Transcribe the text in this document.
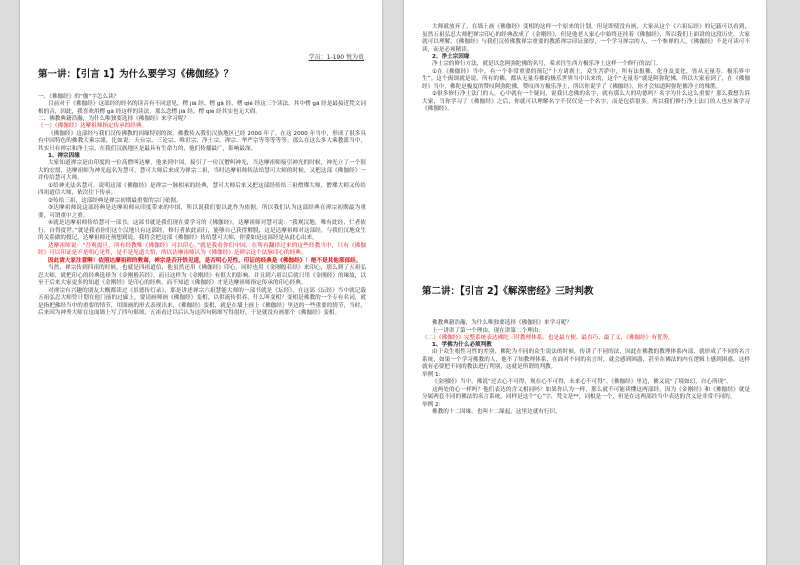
学员：1-190 悦为贵
第一讲：【引言 1】为什么要学习《佛伽经》？

一、《佛伽经》的“伽”字怎么读？

目前对于《佛伽经》这部经的经名的读音有不同意见，楞 jiā 经、楞 gā 经、楞 qié 经这三个读法，其中楞 gā 经是最接近梵文词根的音，因此，我喜欢用楞 gā 经这样的读法，那么念楞 jiā 经、楞 qié 经其实也无大碍。

二、佛教典籍浩瀚，为什么唯独要选择《佛伽经》来学习呢？

（一）《佛伽经》达摩祖师指定传承的经典。

《佛伽经》这部经与我们汉传佛教的因缘特别的深。佛教传入我们汉族地区已经 2000 年了。在这 2000 年当中，形成了很多具有中国特色的佛教大乘宗派，比如说：天台宗、三论宗、唯识宗、净土宗、禅宗、华严宗等等等等等。那么在这么多大乘教派当中，其实只有禅宗和净土宗，在我们汉族地区是最具有生命力的，他们传播最广，影响最深。

1、禅宗因缘

大家知道禅宗是由印度的一位高僧叫达摩，他来到中国，接引了一位汉僧叫神光，当达摩祖师接引神光的时候，神光立了一个很大的宏愿，达摩祖师为神光起名为慧可，慧可大师后来成为禅宗二祖，当时达摩祖师传法给慧可大师的时候，又把这部《佛伽经》一并传给慧可大师。

①给神光法名慧可。说明这部《佛伽经》是禅宗一脉相承的经典，慧可大师后来又把这部经传给三祖僧璨大师，僧璨大师又传给四祖道信大师，依次往下传承。

②传给三祖，这部经典是禅宗初期最重要的宗门依据。

③达摩祖师说这部经典是达摩祖师从印度带来的中国，所以说我们要以此作为依据。所以我们认为这部经典在禅宗初期最为重要，可谓重中之重。

④就是达摩祖师传给慧可一部书，这部书就是我们现在要学习的《佛伽经》。达摩祖师对慧可说：“我观汉地，唯有此经，仁者依行，自得度世。”就是我看你们这个汉地只有这部经，修行者依此而行，能够自己获得解脱，这是达摩祖师对这部经，与我们汉地众生的关系做的授记，达摩祖师还预想到说，我将会把这部《佛伽经》传给慧可大师，你要如是这部经是从此心出来。

达摩祖师说：“吾观震旦，所有经教唯《佛伽经》可以印心。”就是我看你们中国，在所有翻译过来的这些经教当中，只有《佛伽经》可以印证是不是明心见性，是不是见道大悟，所以达摩祖师认为《佛伽经》是禅宗这个法脉印心的经典。

因此请大家注意啊！依照达摩祖师的教诲，禅宗是否开悟见道，是否明心见性，印证的经典是《佛伽经》！绝不是其他那部经。

当然，禅宗传到四祖的时候，也就是四祖道信，他虽然还用《佛伽经》印心，同时也用《金刚般若经》来印心，那么到了五祖弘忍大师，就把印心的经典选择为《金刚般若经》，而且这样为《金刚经》有很大的影响。并且到六祖以后就只用《金刚经》的缘故，以至于后来大家更多的知道《金刚经》是印心的经典，而不知道《佛伽经》才是达摩祖师指定传承的印心经典。

对禅宗有兴趣的朋友大概都读过《景德传灯录》，那是讲述禅宗六祖慧能大师的一部书就是《坛经》，在这部《坛经》当中就记载五祖弘忍大师曾计划在他门前的过廊上，要请画师画《佛伽经》变相，以供流传供养，什么叫变相？变相是佛教的一个专有名词，就是指把佛经当中的重要的情节，用图画的形式表现出来，《佛伽经》变相，就是在墙上画上《佛伽经》里边的一些重要的情节，当时，后来因为神秀大师在这面墙上写了四句偈颂，五祖看过以后认为这四句偈颂写得很好，于是就没有画那个《佛伽经》变相。

大师就放弃了，在墙上画《佛伽经》变相的这样一个原来的计划，但是即使没有画，大家从这个《六祖坛经》的记载可以看到，虽然五祖弘忍大师把禅宗印心的经典改成了《金刚经》，但是他老人家心中始终还挂着《佛伽经》，所以我们上面讲的这段历史，大家就可以理解，《佛伽经》与我们汉传佛教禅宗重要的教派禅宗印证深厚，一个学习禅宗的人，一个参禅的人，《佛伽经》不是可读可不读，而是必须精读。

2、净土宗因缘

净土宗的修行方法，就是以念阿弥陀佛的名号，希求往生西方极乐净土这样一个修行的法门。

①在《佛伽经》当中，有一个非常重要的预记“十方诸刹土，众生菩萨中，所有法报佛，化身及变化，皆从无量寿，极乐界中生”。这个偈颂就是说，所有的佛，都从无量寿佛的极乐世界当中出来的，这个“无量寿”就是阿弥陀佛，所以大家看到了，在《佛伽经》当中，佛陀是极度的赞叹阿弥陀佛，赞叹西方极乐净土，所以你说学了《佛伽经》，你才会知道阿弥陀佛净土的殊胜。

②很多修行净土法门的人，心中就有一个疑问，说我只念佛的名字，就有那么大的功德吗？名字为什么这么重要？那么我想告诉大家，当你学习了《佛伽经》之后，你就可以理解名字不仅仅是一个名字，而是包括很多。所以我们修行净土法门的人也应该学习《佛伽经》。

第二讲：【引言 2】《解深密经》三时判教

佛教典籍浩瀚，为什么唯独要选择《佛伽经》来学习呢？

上一讲讲了第一个理由，现在讲第二个理由：

（二）《佛伽经》完整系统表达佛陀三时教理体系，也是最方便、最直巧、最了义，《佛伽经》有优势。

1、学佛为什么必须判教

由于众生根性习性的差别，佛陀为不同的众生说法的时候，传讲了不同的法，因此在佛教的教理体系内部，就形成了不同的名言系统，如果一个学习佛教的人，他不了知教理体系，在面对不同的名言时，就会感到困惑，甚至在佛法的内在逻辑上感到困惑，这样就有必要把不同的教法进行判别，这就是所谓的判教。

举例 1：

《金刚经》当中，佛说“过去心不可得，现在心不可得，未来心不可得”。《佛伽经》里边，佛又说“了境如幻，自心所现”。

这两处的心一样吗？他们表达的含义相同吗？如果你认为一样，那么就不可能读懂这两部经，因为《金刚经》和《佛伽经》就是分属两套不同的佛法的名言系统。同样是这个“心”字，梵文是**，词根是一个，但是在这两部经当中表达的含义是非常不同的。

举例 2：

佛教的十二因缘，也叫十二缘起，这里边就有行识。
